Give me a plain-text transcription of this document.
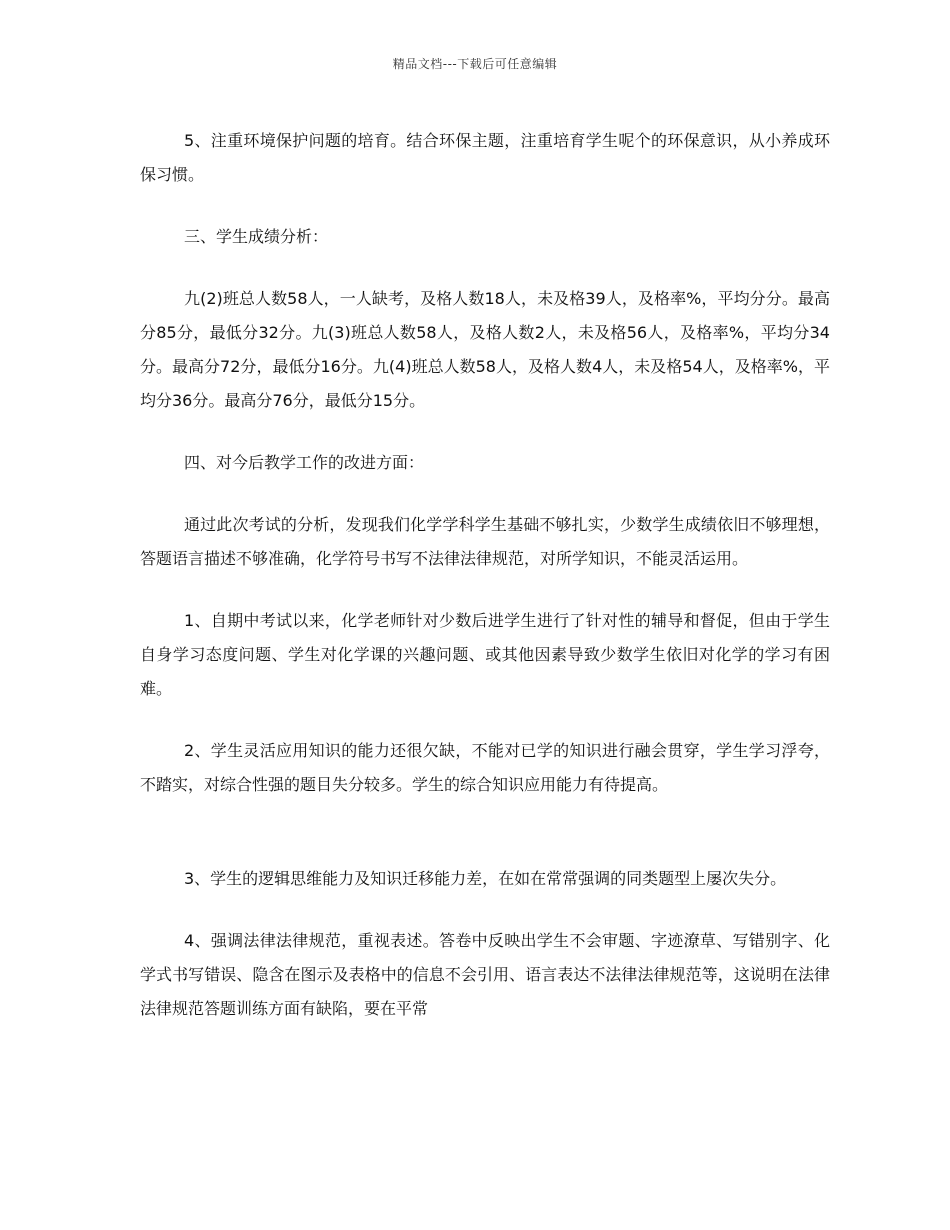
精品文档---下载后可任意编辑

5、注重环境保护问题的培育。结合环保主题，注重培育学生呢个的环保意识，从小养成环保习惯。

三、学生成绩分析：

九(2)班总人数58人，一人缺考，及格人数18人，未及格39人，及格率%，平均分分。最高分85分，最低分32分。九(3)班总人数58人，及格人数2人，未及格56人，及格率%，平均分34分。最高分72分，最低分16分。九(4)班总人数58人，及格人数4人，未及格54人，及格率%，平均分36分。最高分76分，最低分15分。

四、对今后教学工作的改进方面：

通过此次考试的分析，发现我们化学学科学生基础不够扎实，少数学生成绩依旧不够理想，答题语言描述不够准确，化学符号书写不法律法律规范，对所学知识，不能灵活运用。

1、自期中考试以来，化学老师针对少数后进学生进行了针对性的辅导和督促，但由于学生自身学习态度问题、学生对化学课的兴趣问题、或其他因素导致少数学生依旧对化学的学习有困难。

2、学生灵活应用知识的能力还很欠缺，不能对已学的知识进行融会贯穿，学生学习浮夸，不踏实，对综合性强的题目失分较多。学生的综合知识应用能力有待提高。

3、学生的逻辑思维能力及知识迁移能力差，在如在常常强调的同类题型上屡次失分。

4、强调法律法律规范，重视表述。答卷中反映出学生不会审题、字迹潦草、写错别字、化学式书写错误、隐含在图示及表格中的信息不会引用、语言表达不法律法律规范等，这说明在法律法律规范答题训练方面有缺陷，要在平常
